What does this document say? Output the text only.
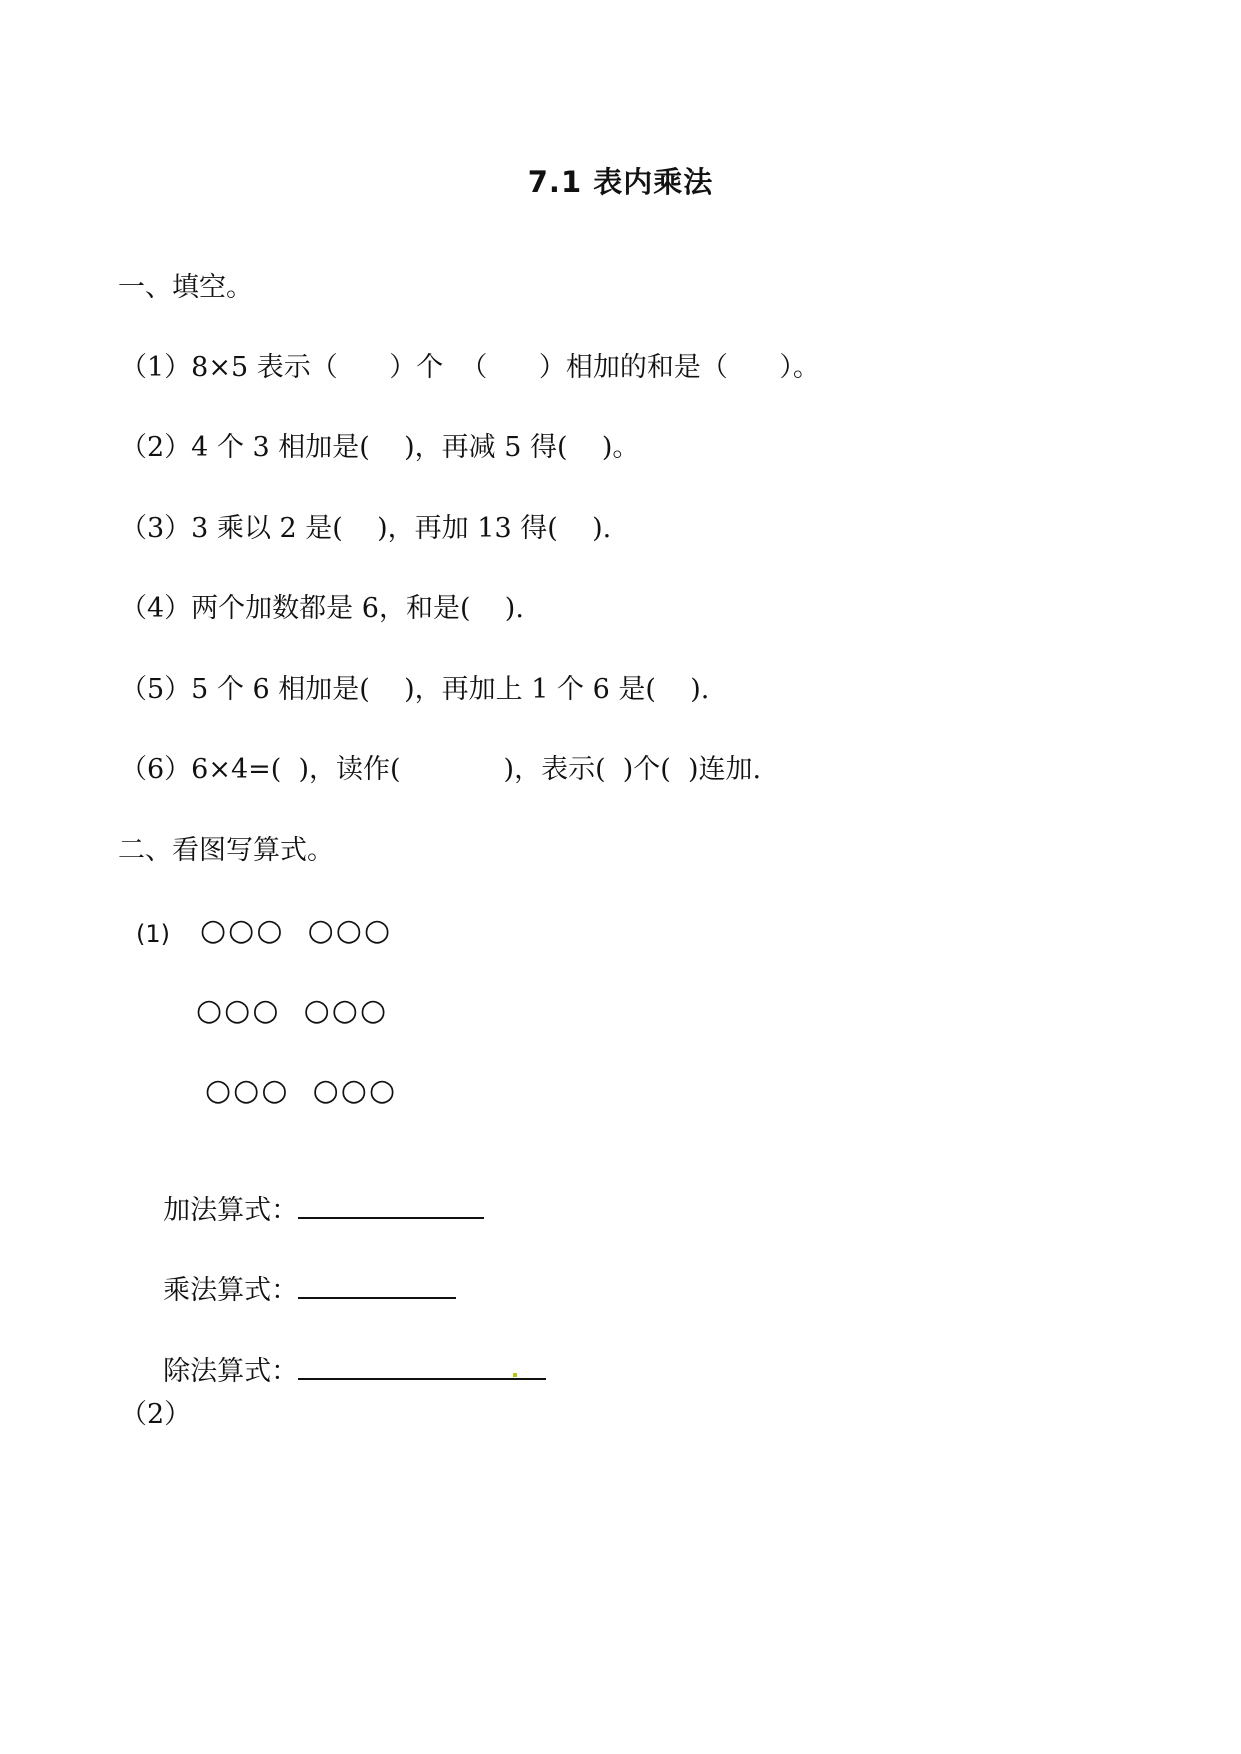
7.1 表内乘法
一、填空。
（1）8×5 表示（      ）个  （      ）相加的和是（      ）。
（2）4 个 3 相加是(    )，再减 5 得(    )。
（3）3 乘以 2 是(    )，再加 13 得(    ).
（4）两个加数都是 6，和是(    ).
（5）5 个 6 相加是(    )，再加上 1 个 6 是(    ).
（6）6×4=(  )，读作(            )，表示(  )个(  )连加.
二、看图写算式。
(1) ○○○  ○○○
○○○  ○○○
○○○  ○○○

加法算式：

乘法算式：

除法算式：

（2）
